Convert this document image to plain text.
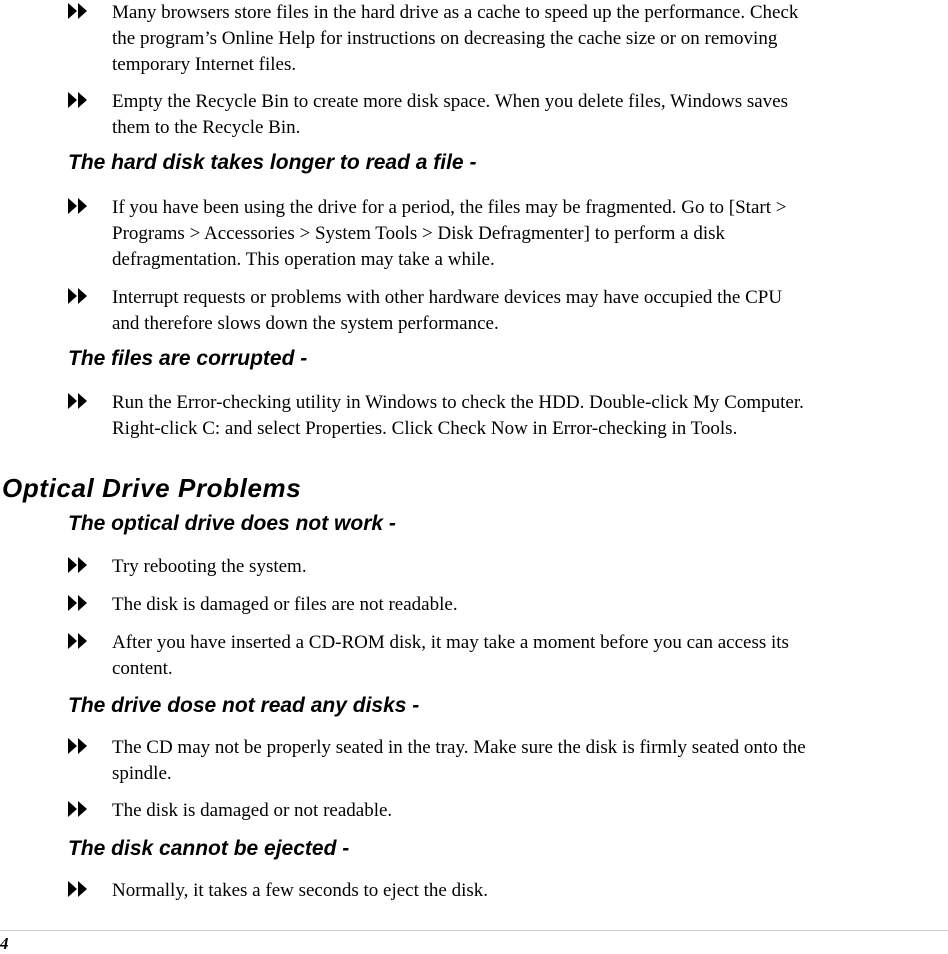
Many browsers store files in the hard drive as a cache to speed up the performance. Check
the program’s Online Help for instructions on decreasing the cache size or on removing
temporary Internet files.
Empty the Recycle Bin to create more disk space. When you delete files, Windows saves
them to the Recycle Bin.
The hard disk takes longer to read a file -
If you have been using the drive for a period, the files may be fragmented. Go to [Start >
Programs > Accessories > System Tools > Disk Defragmenter] to perform a disk
defragmentation. This operation may take a while.
Interrupt requests or problems with other hardware devices may have occupied the CPU
and therefore slows down the system performance.
The files are corrupted -
Run the Error-checking utility in Windows to check the HDD. Double-click My Computer.
Right-click C: and select Properties. Click Check Now in Error-checking in Tools.
Optical Drive Problems
The optical drive does not work -
Try rebooting the system.
The disk is damaged or files are not readable.
After you have inserted a CD-ROM disk, it may take a moment before you can access its
content.
The drive dose not read any disks -
The CD may not be properly seated in the tray. Make sure the disk is firmly seated onto the
spindle.
The disk is damaged or not readable.
The disk cannot be ejected -
Normally, it takes a few seconds to eject the disk.
4
